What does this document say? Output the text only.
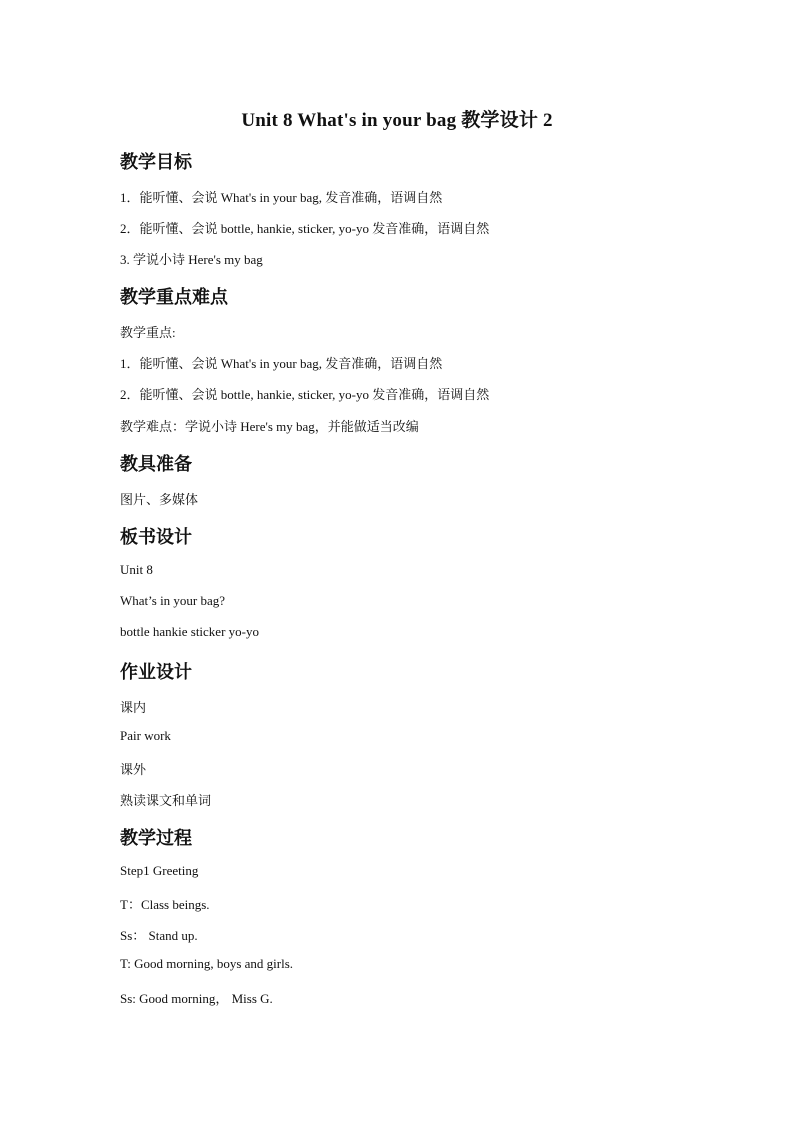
Unit 8 What's in your bag 教学设计 2
教学目标
1．能听懂、会说 What's in your bag, 发音准确，语调自然
2．能听懂、会说 bottle, hankie, sticker, yo-yo 发音准确，语调自然
3. 学说小诗 Here's my bag
教学重点难点
教学重点:
1．能听懂、会说 What's in your bag, 发音准确，语调自然
2．能听懂、会说 bottle, hankie, sticker, yo-yo 发音准确，语调自然
教学难点：学说小诗 Here's my bag，并能做适当改编
教具准备
图片、多媒体
板书设计
Unit 8
What’s in your bag?
bottle hankie sticker yo-yo
作业设计
课内
Pair work
课外
熟读课文和单词
教学过程
Step1 Greeting
T：Class beings.
Ss： Stand up.
T: Good morning, boys and girls.
Ss: Good morning， Miss G.
